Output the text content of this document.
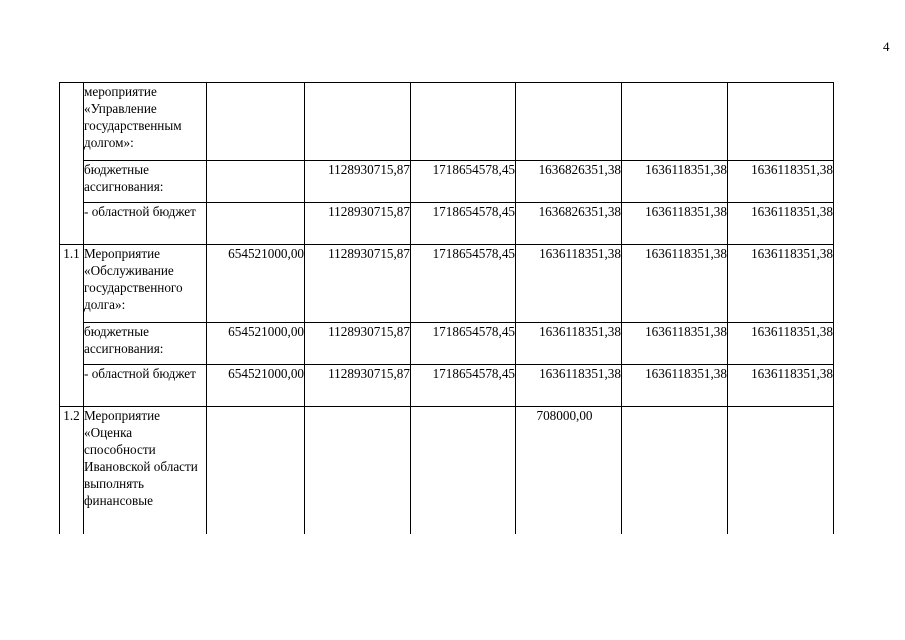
4
	мероприятие «Управление государственным долгом»:						
	бюджетные ассигнования:		1128930715,87	1718654578,45	1636826351,38	1636118351,38	1636118351,38
	- областной бюджет		1128930715,87	1718654578,45	1636826351,38	1636118351,38	1636118351,38
1.1	Мероприятие «Обслуживание государственного долга»:	654521000,00	1128930715,87	1718654578,45	1636118351,38	1636118351,38	1636118351,38
	бюджетные ассигнования:	654521000,00	1128930715,87	1718654578,45	1636118351,38	1636118351,38	1636118351,38
	- областной бюджет	654521000,00	1128930715,87	1718654578,45	1636118351,38	1636118351,38	1636118351,38
1.2	Мероприятие «Оценка способности Ивановской области выполнять финансовые				708000,00		
